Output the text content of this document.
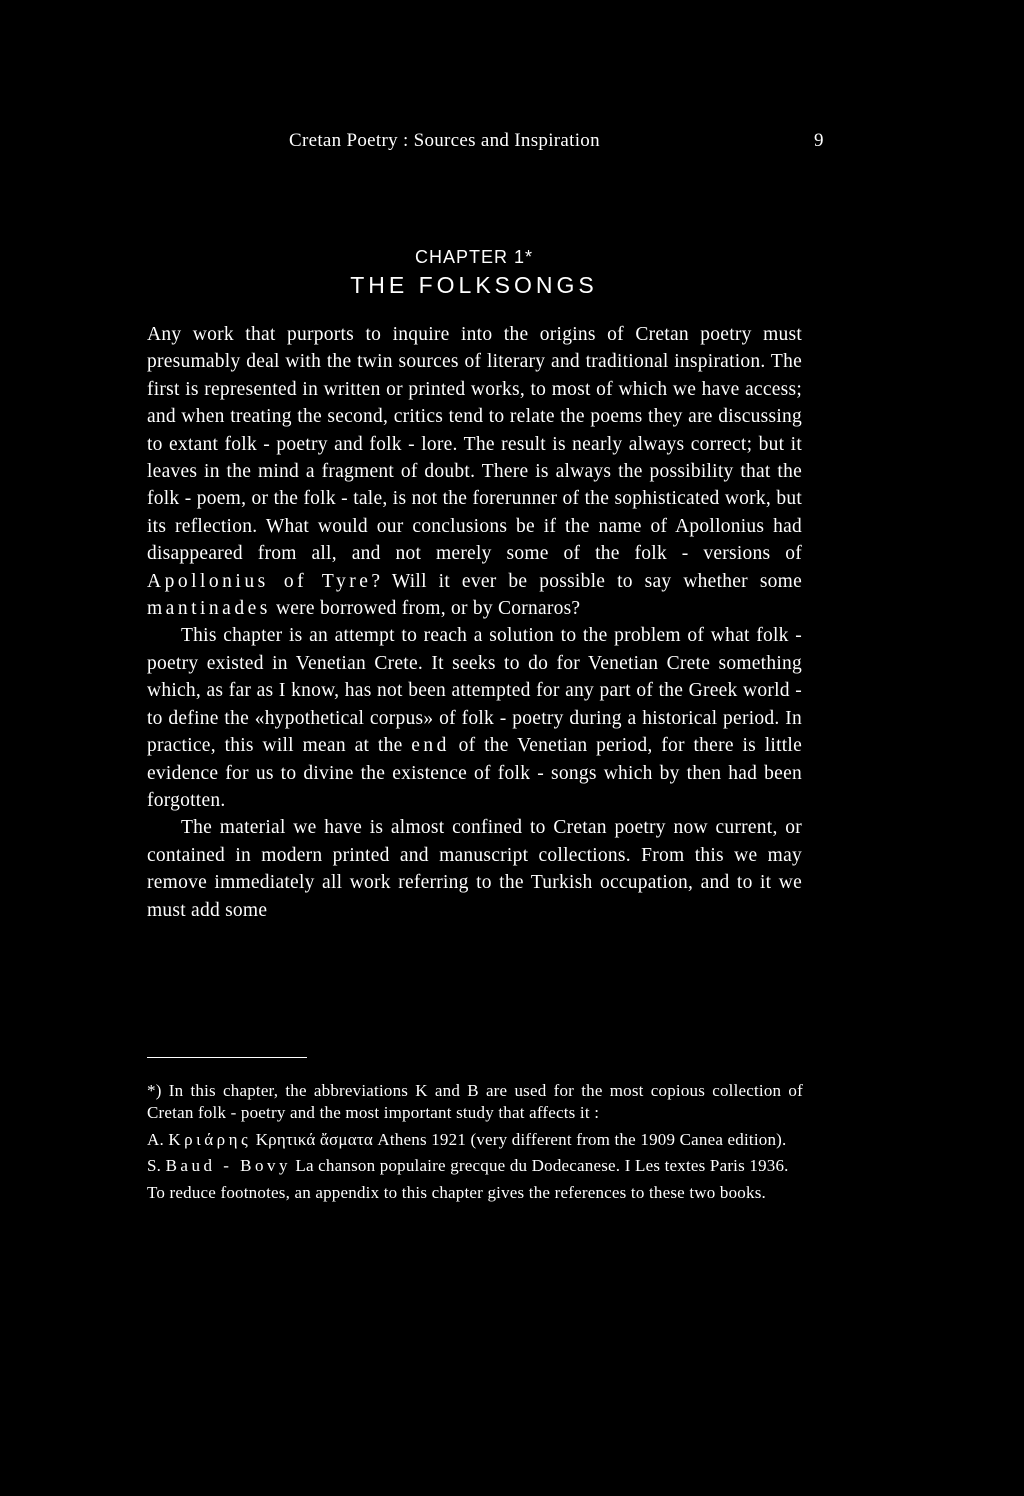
Cretan Poetry : Sources and Inspiration	9
CHAPTER 1*
THE FOLKSONGS

Any work that purports to inquire into the origins of Cretan poetry must presumably deal with the twin sources of literary and traditional inspiration. The first is represented in written or printed works, to most of which we have access; and when treating the second, critics tend to relate the poems they are discussing to extant folk - poetry and folk - lore. The result is nearly always correct; but it leaves in the mind a fragment of doubt. There is always the possibility that the folk - poem, or the folk - tale, is not the forerunner of the sophisticated work, but its reflection. What would our conclusions be if the name of Apollonius had disappeared from all, and not merely some of the folk - versions of Apollonius of Tyre? Will it ever be possible to say whether some mantinades were borrowed from, or by Cornaros?

This chapter is an attempt to reach a solution to the problem of what folk - poetry existed in Venetian Crete. It seeks to do for Venetian Crete something which, as far as I know, has not been attempted for any part of the Greek world - to define the «hypothetical corpus» of folk - poetry during a historical period. In practice, this will mean at the end of the Venetian period, for there is little evidence for us to divine the existence of folk - songs which by then had been forgotten.

The material we have is almost confined to Cretan poetry now current, or contained in modern printed and manuscript collections. From this we may remove immediately all work referring to the Turkish occupation, and to it we must add some

*) In this chapter, the abbreviations K and B are used for the most copious collection of Cretan folk - poetry and the most important study that affects it :

A. Κριάρης Κρητικά ἄσματα Athens 1921 (very different from the 1909 Canea edition).

S. Baud - Bovy La chanson populaire grecque du Dodecanese. I Les textes Paris 1936.

To reduce footnotes, an appendix to this chapter gives the references to these two books.
